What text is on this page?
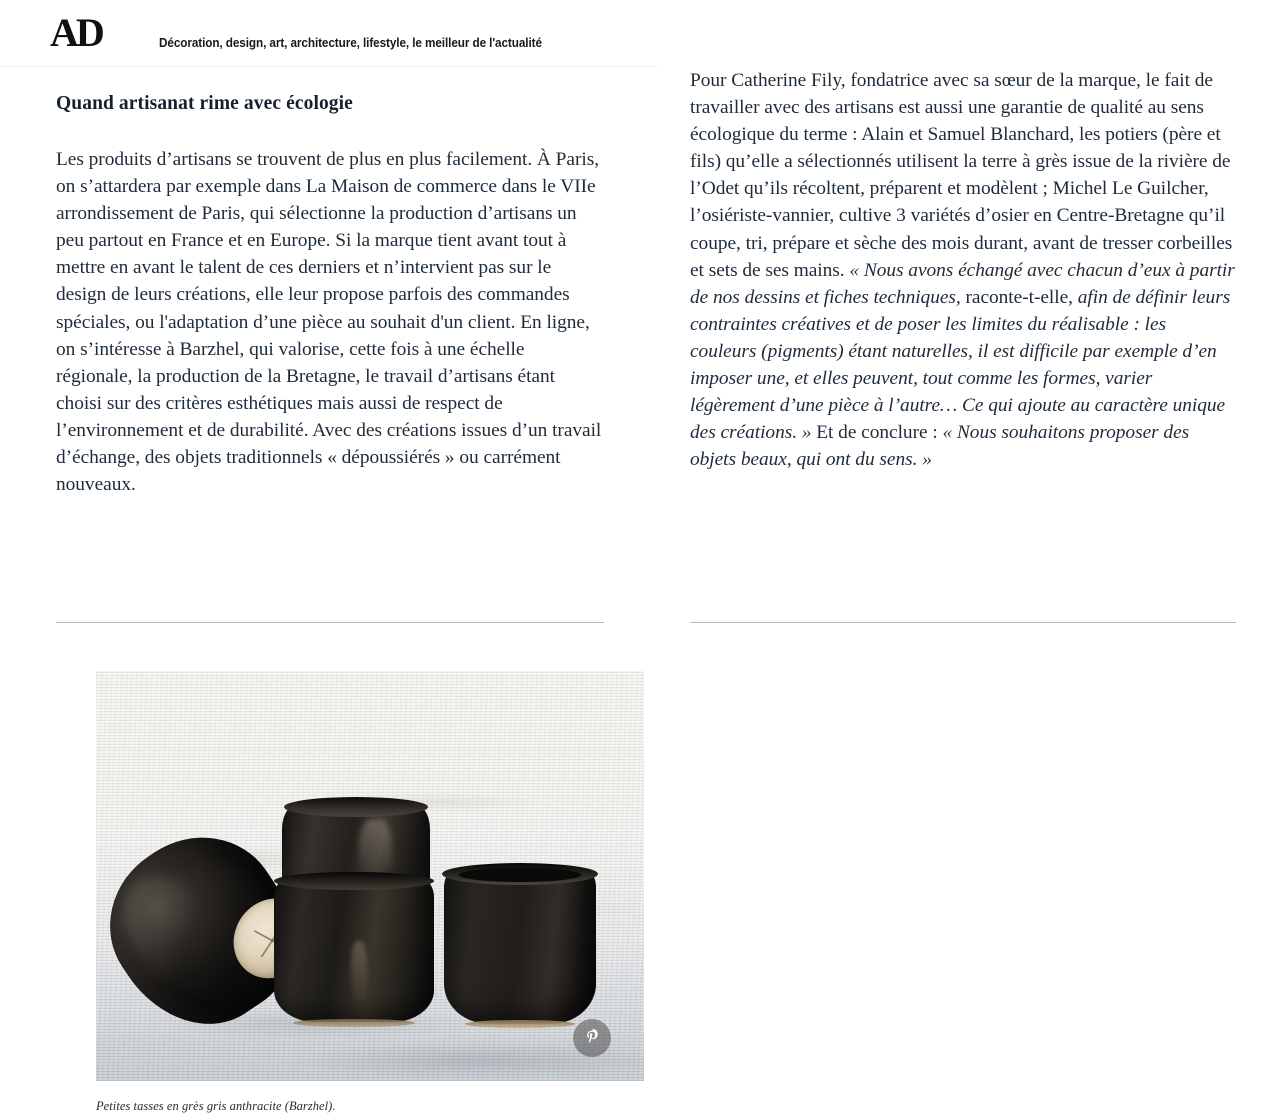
AD	Décoration, design, art, architecture, lifestyle, le meilleur de l'actualité
Quand artisanat rime avec écologie

Les produits d’artisans se trouvent de plus en plus facilement. À Paris, on s’attardera par exemple dans La Maison de commerce dans le VIIe arrondissement de Paris, qui sélectionne la production d’artisans un peu partout en France et en Europe. Si la marque tient avant tout à mettre en avant le talent de ces derniers et n’intervient pas sur le design de leurs créations, elle leur propose parfois des commandes spéciales, ou l'adaptation d’une pièce au souhait d'un client. En ligne, on s’intéresse à Barzhel, qui valorise, cette fois à une échelle régionale, la production de la Bretagne, le travail d’artisans étant choisi sur des critères esthétiques mais aussi de respect de l’environnement et de durabilité. Avec des créations issues d’un travail d’échange, des objets traditionnels « dépoussiérés » ou carrément nouveaux.

Pour Catherine Fily, fondatrice avec sa sœur de la marque, le fait de travailler avec des artisans est aussi une garantie de qualité au sens écologique du terme : Alain et Samuel Blanchard, les potiers (père et fils) qu’elle a sélectionnés utilisent la terre à grès issue de la rivière de l’Odet qu’ils récoltent, préparent et modèlent ; Michel Le Guilcher, l’osiériste-vannier, cultive 3 variétés d’osier en Centre-Bretagne qu’il coupe, tri, prépare et sèche des mois durant, avant de tresser corbeilles et sets de ses mains. « Nous avons échangé avec chacun d’eux à partir de nos dessins et fiches techniques, raconte-t-elle, afin de définir leurs contraintes créatives et de poser les limites du réalisable : les couleurs (pigments) étant naturelles, il est difficile par exemple d’en imposer une, et elles peuvent, tout comme les formes, varier légèrement d’une pièce à l’autre… Ce qui ajoute au caractère unique des créations. » Et de conclure : « Nous souhaitons proposer des objets beaux, qui ont du sens. »

Petites tasses en grès gris anthracite (Barzhel).
